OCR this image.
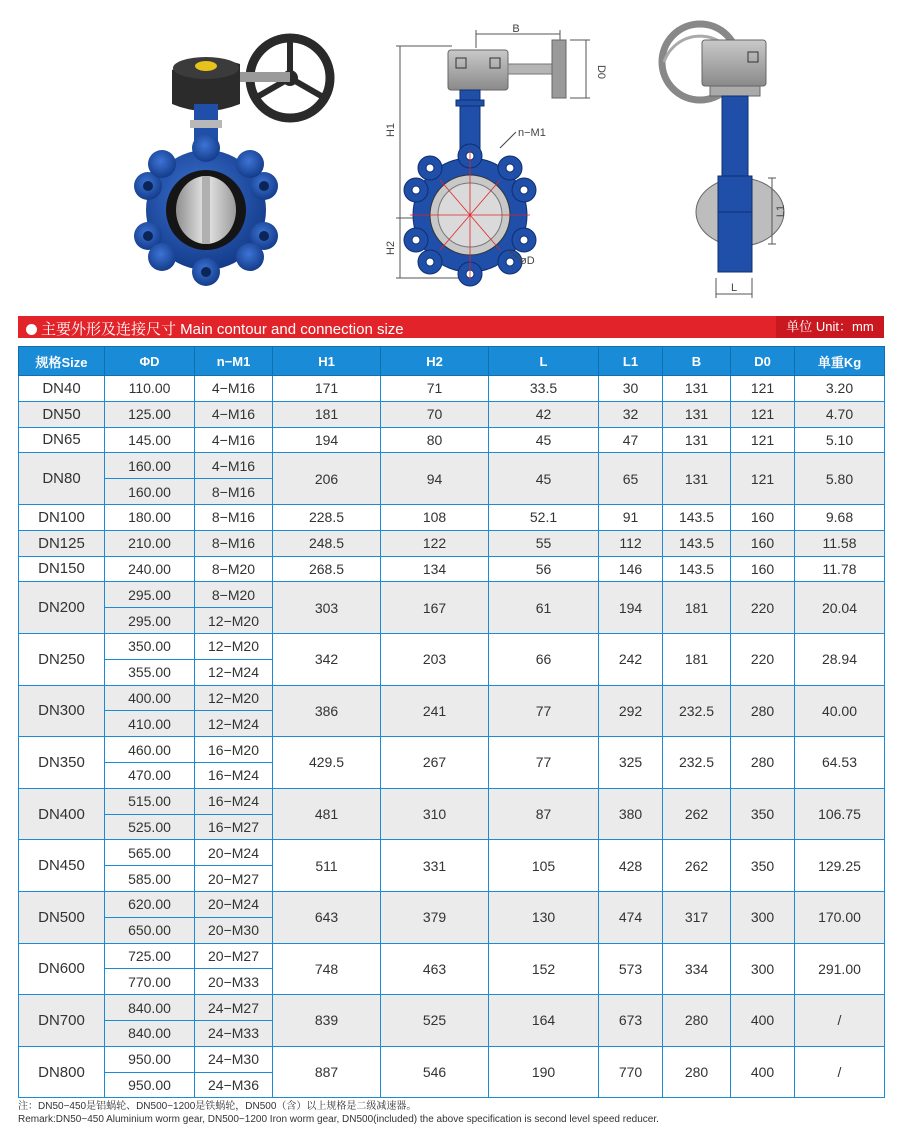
B
D0
H1
H2
n−M1
øD
L1
L
主要外形及连接尺寸 Main contour and connection size	单位 Unit：mm
规格Size	ΦD	n−M1	H1	H2	L	L1	B	D0	单重Kg
DN40	110.00	4−M16	171	71	33.5	30	131	121	3.20
DN50	125.00	4−M16	181	70	42	32	131	121	4.70
DN65	145.00	4−M16	194	80	45	47	131	121	5.10
DN80	160.00	4−M16	206	94	45	65	131	121	5.80
	160.00	8−M16							
DN100	180.00	8−M16	228.5	108	52.1	91	143.5	160	9.68
DN125	210.00	8−M16	248.5	122	55	112	143.5	160	11.58
DN150	240.00	8−M20	268.5	134	56	146	143.5	160	11.78
DN200	295.00	8−M20	303	167	61	194	181	220	20.04
	295.00	12−M20							
DN250	350.00	12−M20	342	203	66	242	181	220	28.94
	355.00	12−M24							
DN300	400.00	12−M20	386	241	77	292	232.5	280	40.00
	410.00	12−M24							
DN350	460.00	16−M20	429.5	267	77	325	232.5	280	64.53
	470.00	16−M24							
DN400	515.00	16−M24	481	310	87	380	262	350	106.75
	525.00	16−M27							
DN450	565.00	20−M24	511	331	105	428	262	350	129.25
	585.00	20−M27							
DN500	620.00	20−M24	643	379	130	474	317	300	170.00
	650.00	20−M30							
DN600	725.00	20−M27	748	463	152	573	334	300	291.00
	770.00	20−M33							
DN700	840.00	24−M27	839	525	164	673	280	400	/
	840.00	24−M33							
DN800	950.00	24−M30	887	546	190	770	280	400	/
	950.00	24−M36							
注：DN50−450是铝蜗轮、DN500−1200是铁蜗轮，DN500（含）以上规格是二级减速器。
Remark:DN50−450 Aluminium worm gear, DN500−1200 Iron worm gear, DN500(included) the above specification is second level speed reducer.
